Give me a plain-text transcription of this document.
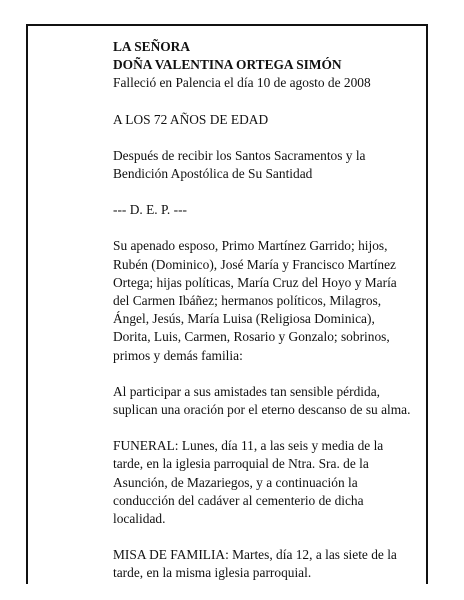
LA SEÑORA

DOÑA VALENTINA ORTEGA SIMÓN

Falleció en Palencia el día 10 de agosto de 2008

A LOS 72 AÑOS DE EDAD

Después de recibir los Santos Sacramentos y la

Bendición Apostólica de Su Santidad

--- D. E. P. ---

Su apenado esposo, Primo Martínez Garrido; hijos,

Rubén (Dominico), José María y Francisco Martínez

Ortega; hijas políticas, María Cruz del Hoyo y María

del Carmen Ibáñez; hermanos políticos, Milagros,

Ángel, Jesús, María Luisa (Religiosa Dominica),

Dorita, Luis, Carmen, Rosario y Gonzalo; sobrinos,

primos y demás familia:

Al participar a sus amistades tan sensible pérdida,

suplican una oración por el eterno descanso de su alma.

FUNERAL: Lunes, día 11, a las seis y media de la

tarde, en la iglesia parroquial de Ntra. Sra. de la

Asunción, de Mazariegos, y a continuación la

conducción del cadáver al cementerio de dicha

localidad.

MISA DE FAMILIA: Martes, día 12, a las siete de la

tarde, en la misma iglesia parroquial.
